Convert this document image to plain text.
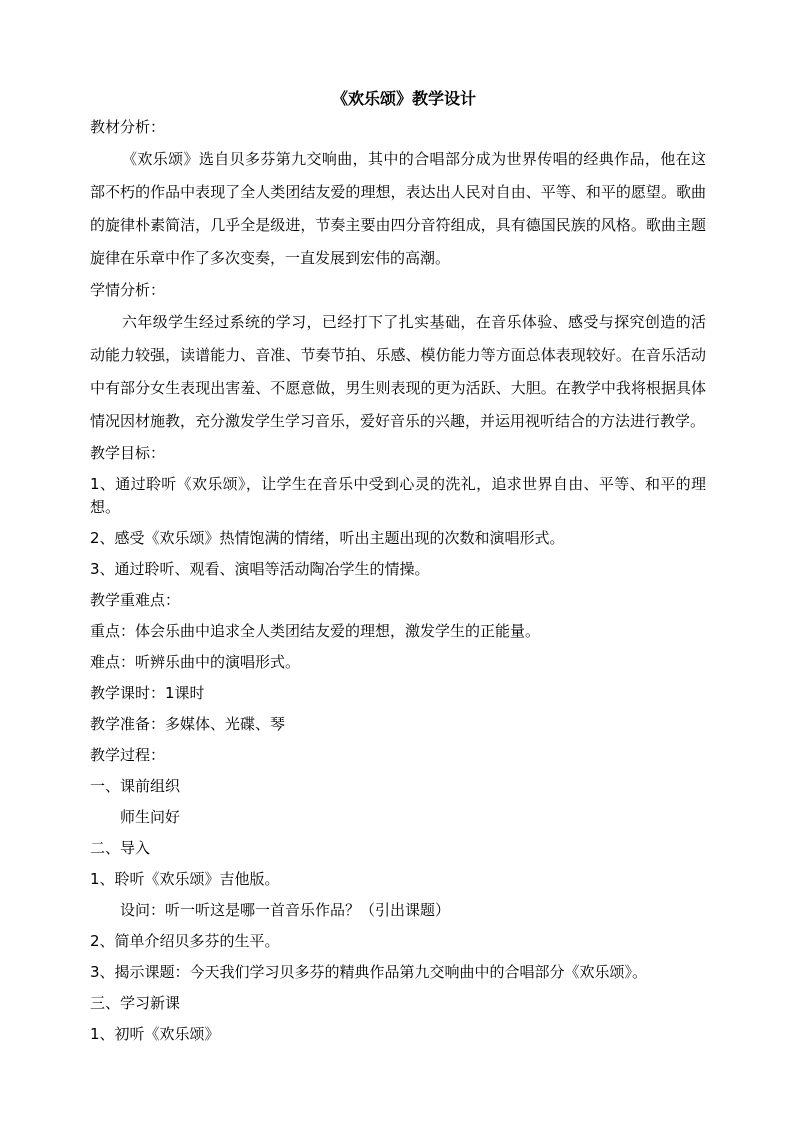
《欢乐颂》教学设计
教材分析：
《欢乐颂》选自贝多芬第九交响曲，其中的合唱部分成为世界传唱的经典作品，他在这部不朽的作品中表现了全人类团结友爱的理想，表达出人民对自由、平等、和平的愿望。歌曲的旋律朴素简洁，几乎全是级进，节奏主要由四分音符组成，具有德国民族的风格。歌曲主题旋律在乐章中作了多次变奏，一直发展到宏伟的高潮。
学情分析：
六年级学生经过系统的学习，已经打下了扎实基础，在音乐体验、感受与探究创造的活动能力较强，读谱能力、音准、节奏节拍、乐感、模仿能力等方面总体表现较好。在音乐活动中有部分女生表现出害羞、不愿意做，男生则表现的更为活跃、大胆。在教学中我将根据具体情况因材施教，充分激发学生学习音乐，爱好音乐的兴趣，并运用视听结合的方法进行教学。
教学目标：
1、通过聆听《欢乐颂》，让学生在音乐中受到心灵的洗礼，追求世界自由、平等、和平的理想。
2、感受《欢乐颂》热情饱满的情绪，听出主题出现的次数和演唱形式。
3、通过聆听、观看、演唱等活动陶冶学生的情操。
教学重难点：
重点：体会乐曲中追求全人类团结友爱的理想，激发学生的正能量。
难点：听辨乐曲中的演唱形式。
教学课时：1课时
教学准备：多媒体、光碟、琴
教学过程：
一、课前组织
师生问好
二、导入
1、聆听《欢乐颂》吉他版。
设问：听一听这是哪一首音乐作品？（引出课题）
2、简单介绍贝多芬的生平。
3、揭示课题：今天我们学习贝多芬的精典作品第九交响曲中的合唱部分《欢乐颂》。
三、学习新课
1、初听《欢乐颂》
